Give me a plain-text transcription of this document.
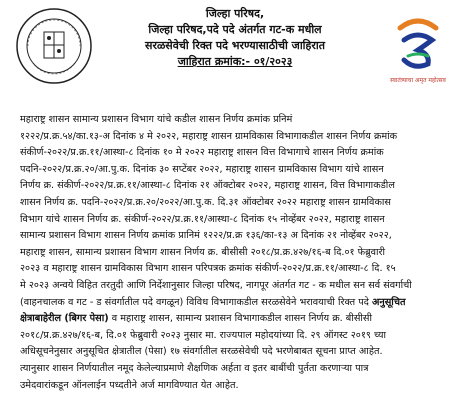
जिल्हा परिषद,
जिल्हा परिषद,पदे पदे अंतर्गत गट-क मधील
सरळसेवेची रिक्त पदे भरण्यासाठीची जाहिरात
जाहिरात क्रमांक:- ०१/२०२३
स्वातंत्र्याचा अमृत महोत्सव
महाराष्ट्र शासन सामान्य प्रशासन विभाग यांचे कडील शासन निर्णय क्रमांक प्रनिमं
१२२२/प्र.क्र.५४/का.१३-अ दिनांक ४ मे २०२२, महाराष्ट्र शासन ग्रामविकास विभागाकडील शासन निर्णय क्रमांक
संकीर्ण-२०२२/प्र.क्र.११/आस्था-८ दिनांक १० मे २०२२ महाराष्ट्र शासन वित्त विभागाचे शासन निर्णय क्रमांक
पदनि-२०२२/प्र.क्र.२०/आ.पु.क. दिनांक ३० सप्टेंबर २०२२, महाराष्ट्र शासन ग्रामविकास विभाग यांचे शासन
निर्णय क्र. संकीर्ण-२०२२/प्र.क्र.११/आस्था-८ दिनांक २१ ऑक्टोबर २०२२, महाराष्ट्र शासन, वित्त विभागाकडील
शासन निर्णय क्र. पदनि-२०२२/प्र.क्र.२०/२०२२/आ.पु.क. दि.३१ ऑक्टोबर २०२२ महाराष्ट्र शासन ग्रामविकास
विभाग यांचे शासन निर्णय क्र. संकीर्ण-२०२२/प्र.क्र.११/आस्था-८ दिनांक १५ नोव्हेंबर २०२२, महाराष्ट्र शासन
सामान्य प्रशासन विभाग शासन निर्णय क्रमांक प्रानिमं १२२२/प्र.क्र १३६/का-१३ अ दिनांक २१ नोव्हेंबर २०२२,
महाराष्ट्र शासन, सामान्य प्रशासन विभाग शासन निर्णय क्र. बीसीसी २०१८/प्र.क्र.४२७/१६-ब दि.०१ फेब्रुवारी
२०२३ व महाराष्ट्र शासन ग्रामविकास विभाग शासन परिपत्रक क्रमांक संकीर्ण-२०२२/प्र.क्र.११/आस्था-८ दि. १५
मे २०२३ अन्वये विहित तरतुदी आणि निर्देशानुसार जिल्हा परिषद, नागपूर अंतर्गत गट - क मधील सन सर्व संवर्गाची
(वाहनचालक व गट - ड संवर्गातील पदे वगळून) विविध विभागाकडील सरळसेवेने भरावयाची रिक्त पदे अनुसूचित
क्षेत्राबाहेरील (बिगर पेसा) व महाराष्ट्र शासन, सामान्य प्रशासन विभागाकडील शासन निर्णय क्र. बीसीसी
२०१८/प्र.क्र.४२७/१६-ब, दि.०१ फेब्रुवारी २०२३ नुसार मा. राज्यपाल महोदयांच्या दि. २९ ऑगस्ट २०१९ च्या
अधिसूचनेनुसार अनुसूचित क्षेत्रातील (पेसा) १७ संवर्गातील सरळसेवेची पदे भरणेबाबत सूचना प्राप्त आहेत.
त्यानुसार शासन निर्णयातील नमूद केलेल्याप्रमाणे शैक्षणिक अर्हता व इतर बाबींची पुर्तता करणाऱ्या पात्र
उमेदवारांकडून ऑनलाईन पध्दतीने अर्ज मागविण्यात येत आहेत.
